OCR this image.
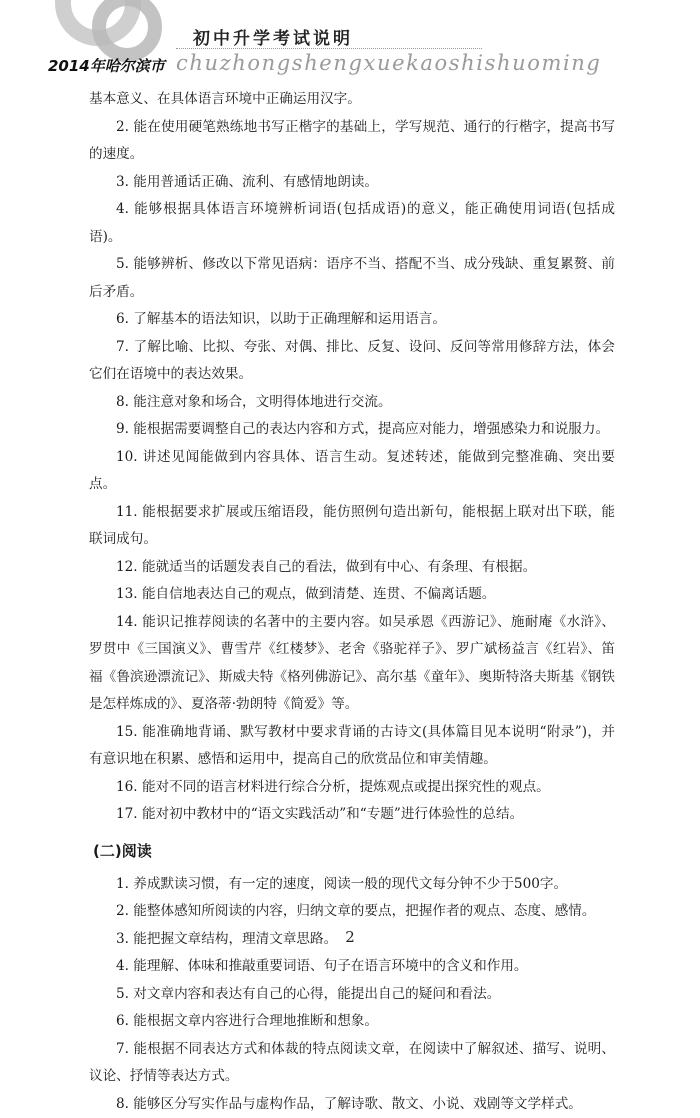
初中升学考试说明
2014年哈尔滨市 chuzhongshengxuekaoshishuoming

基本意义、在具体语言环境中正确运用汉字。

2. 能在使用硬笔熟练地书写正楷字的基础上，学写规范、通行的行楷字，提高书写的速度。

3. 能用普通话正确、流利、有感情地朗读。

4. 能够根据具体语言环境辨析词语(包括成语)的意义，能正确使用词语(包括成语)。

5. 能够辨析、修改以下常见语病：语序不当、搭配不当、成分残缺、重复累赘、前后矛盾。

6. 了解基本的语法知识，以助于正确理解和运用语言。

7. 了解比喻、比拟、夸张、对偶、排比、反复、设问、反问等常用修辞方法，体会它们在语境中的表达效果。

8. 能注意对象和场合，文明得体地进行交流。

9. 能根据需要调整自己的表达内容和方式，提高应对能力，增强感染力和说服力。

10. 讲述见闻能做到内容具体、语言生动。复述转述，能做到完整准确、突出要点。

11. 能根据要求扩展或压缩语段，能仿照例句造出新句，能根据上联对出下联，能联词成句。

12. 能就适当的话题发表自己的看法，做到有中心、有条理、有根据。

13. 能自信地表达自己的观点，做到清楚、连贯、不偏离话题。

14. 能识记推荐阅读的名著中的主要内容。如吴承恩《西游记》、施耐庵《水浒》、罗贯中《三国演义》、曹雪芹《红楼梦》、老舍《骆驼祥子》、罗广斌杨益言《红岩》、笛福《鲁滨逊漂流记》、斯威夫特《格列佛游记》、高尔基《童年》、奥斯特洛夫斯基《钢铁是怎样炼成的》、夏洛蒂·勃朗特《简爱》等。

15. 能准确地背诵、默写教材中要求背诵的古诗文(具体篇目见本说明“附录”)，并有意识地在积累、感悟和运用中，提高自己的欣赏品位和审美情趣。

16. 能对不同的语言材料进行综合分析，提炼观点或提出探究性的观点。

17. 能对初中教材中的“语文实践活动”和“专题”进行体验性的总结。

(二)阅读

1. 养成默读习惯，有一定的速度，阅读一般的现代文每分钟不少于500字。

2. 能整体感知所阅读的内容，归纳文章的要点，把握作者的观点、态度、感情。

3. 能把握文章结构，理清文章思路。

4. 能理解、体味和推敲重要词语、句子在语言环境中的含义和作用。

5. 对文章内容和表达有自己的心得，能提出自己的疑问和看法。

6. 能根据文章内容进行合理地推断和想象。

7. 能根据不同表达方式和体裁的特点阅读文章，在阅读中了解叙述、描写、说明、议论、抒情等表达方式。

8. 能够区分写实作品与虚构作品，了解诗歌、散文、小说、戏剧等文学样式。

2
